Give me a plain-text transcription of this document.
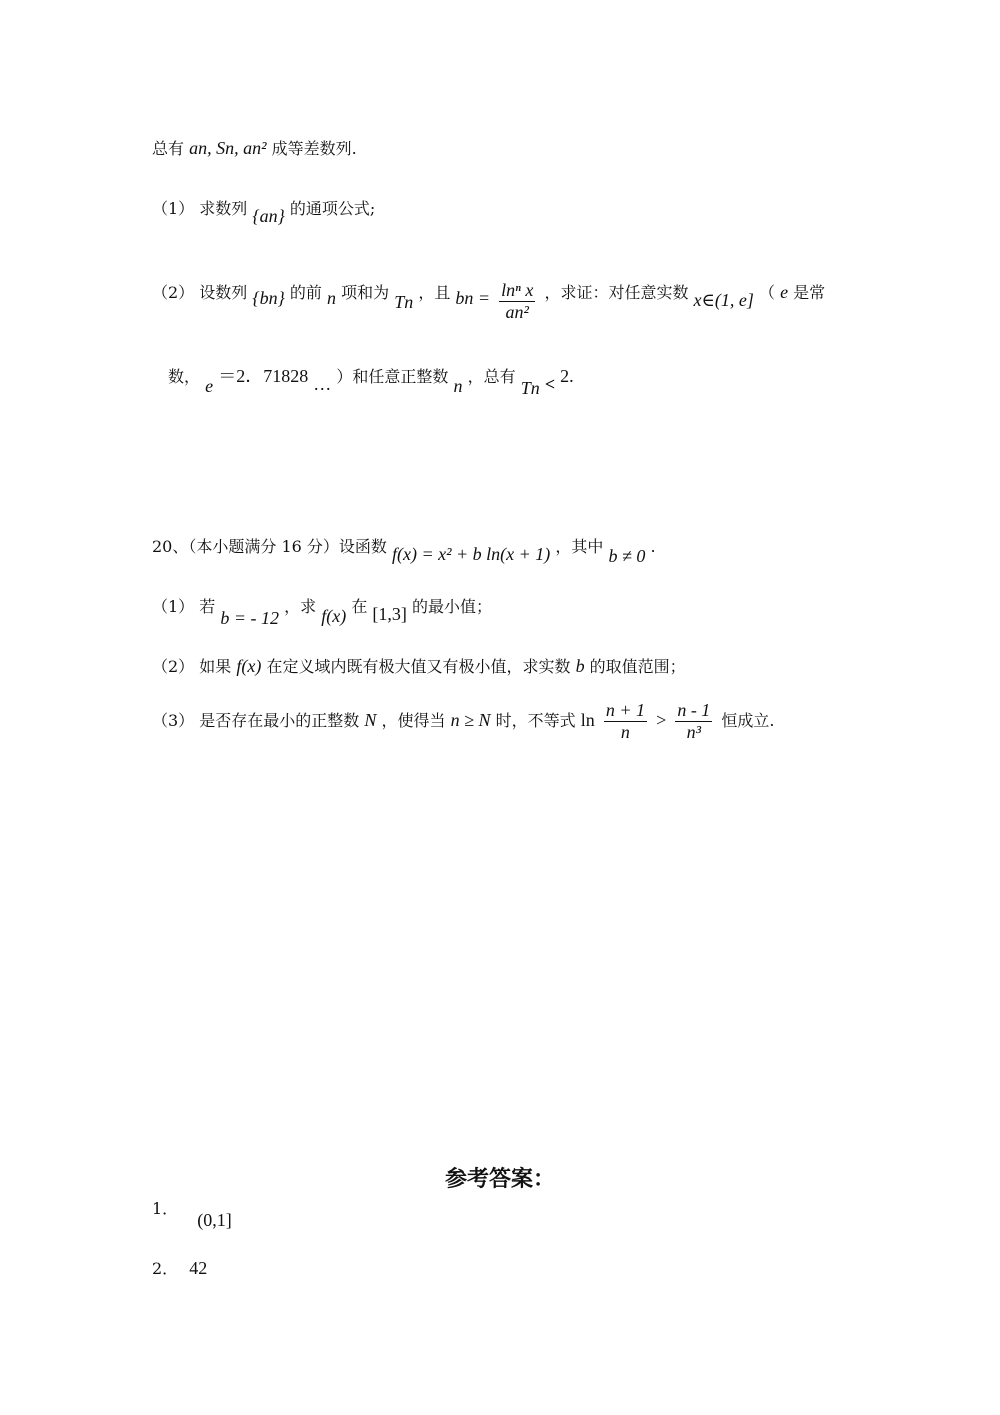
总有 an, Sn, an² 成等差数列.
（1） 求数列 {an} 的通项公式;
（2） 设数列 {bn} 的前 n 项和为 Tn ，且 bn = $\frac{\text{lnⁿ x}}{\text{an²}}$ ，求证：对任意实数 x∈(1, e] （ e 是常
数， e ＝2．71828 … ）和任意正整数 n ，总有 Tn < 2.
20、（本小题满分 16 分）设函数 f(x) = x² + b ln(x + 1) ，其中 b ≠ 0 .
（1） 若 b = - 12 ，求 f(x) 在 [1,3] 的最小值；
（2） 如果 f(x) 在定义域内既有极大值又有极小值，求实数 b 的取值范围；
（3） 是否存在最小的正整数 N ，使得当 n ≥ N 时，不等式 $\ln \frac{n + 1}{n} > \frac{n - 1}{\text{n³}}$ 恒成立.
参考答案：
1． (0,1]
2． 42
